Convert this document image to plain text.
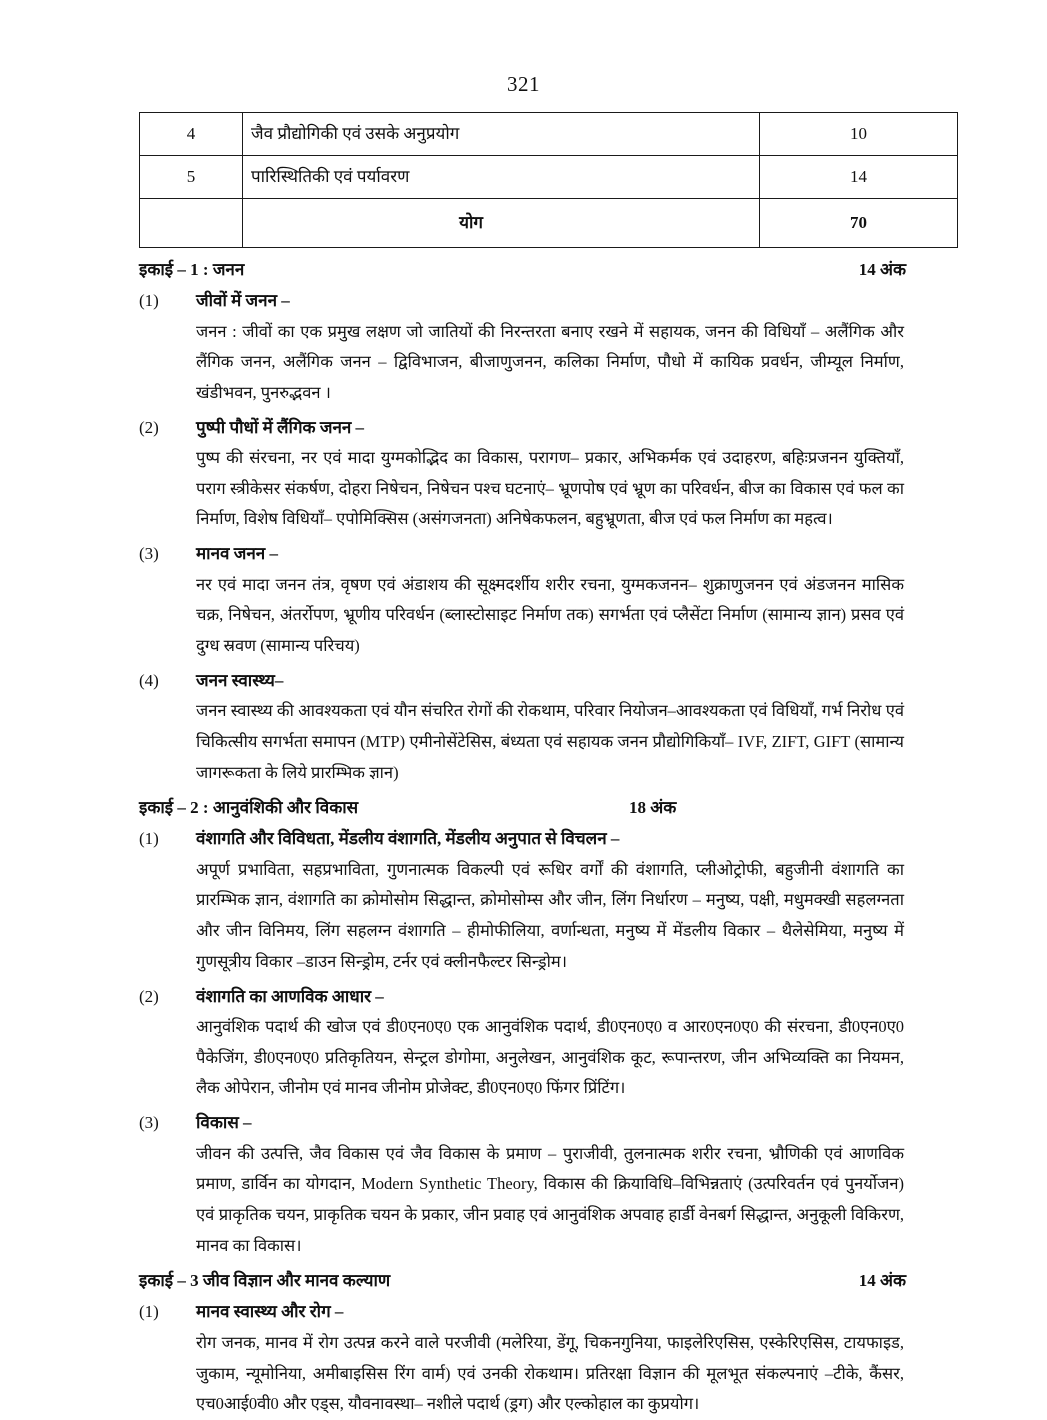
321
4	जैव प्रौद्योगिकी एवं उसके अनुप्रयोग	10
5	पारिस्थितिकी एवं पर्यावरण	14
	योग	70
इकाई – 1 : जनन	14 अंक
(1)	जीवों में जनन –

जनन : जीवों का एक प्रमुख लक्षण जो जातियों की निरन्तरता बनाए रखने में सहायक, जनन की विधियाँ – अलैंगिक और लैंगिक जनन, अलैंगिक जनन – द्विविभाजन, बीजाणुजनन, कलिका निर्माण, पौधो में कायिक प्रवर्धन, जीम्यूल निर्माण, खंडीभवन, पुनरुद्भवन ।

(2)	पुष्पी पौधों में लैंगिक जनन –

पुष्प की संरचना, नर एवं मादा युग्मकोद्भिद का विकास, परागण– प्रकार, अभिकर्मक एवं उदाहरण, बहिःप्रजनन युक्तियाँ, पराग स्त्रीकेसर संकर्षण, दोहरा निषेचन, निषेचन पश्च घटनाएं– भ्रूणपोष एवं भ्रूण का परिवर्धन, बीज का विकास एवं फल का निर्माण, विशेष विधियाँ– एपोमिक्सिस (असंगजनता) अनिषेकफलन, बहुभ्रूणता, बीज एवं फल निर्माण का महत्व।

(3)	मानव जनन –

नर एवं मादा जनन तंत्र, वृषण एवं अंडाशय की सूक्ष्मदर्शीय शरीर रचना, युग्मकजनन– शुक्राणुजनन एवं अंडजनन मासिक चक्र, निषेचन, अंतर्रोपण, भ्रूणीय परिवर्धन (ब्लास्टोसाइट निर्माण तक) सगर्भता एवं प्लैसेंटा निर्माण (सामान्य ज्ञान) प्रसव एवं दुग्ध स्रवण (सामान्य परिचय)

(4)	जनन स्वास्थ्य–

जनन स्वास्थ्य की आवश्यकता एवं यौन संचरित रोगों की रोकथाम, परिवार नियोजन–आवश्यकता एवं विधियाँ, गर्भ निरोध एवं चिकित्सीय सगर्भता समापन (MTP) एमीनोसेंटेसिस, बंध्यता एवं सहायक जनन प्रौद्योगिकियाँ– IVF, ZIFT, GIFT (सामान्य जागरूकता के लिये प्रारम्भिक ज्ञान)

इकाई – 2 : आनुवंशिकी और विकास	18 अंक
(1)	वंशागति और विविधता, मेंडलीय वंशागति, मेंडलीय अनुपात से विचलन –

अपूर्ण प्रभाविता, सहप्रभाविता, गुणनात्मक विकल्पी एवं रूधिर वर्गों की वंशागति, प्लीओट्रोफी, बहुजीनी वंशागति का प्रारम्भिक ज्ञान, वंशागति का क्रोमोसोम सिद्धान्त, क्रोमोसोम्स और जीन, लिंग निर्धारण – मनुष्य, पक्षी, मधुमक्खी सहलग्नता और जीन विनिमय, लिंग सहलग्न वंशागति – हीमोफीलिया, वर्णान्धता, मनुष्य में मेंडलीय विकार – थैलेसेमिया, मनुष्य में गुणसूत्रीय विकार –डाउन सिन्ड्रोम, टर्नर एवं क्लीनफैल्टर सिन्ड्रोम।

(2)	वंशागति का आणविक आधार –

आनुवंशिक पदार्थ की खोज एवं डी0एन0ए0 एक आनुवंशिक पदार्थ, डी0एन0ए0 व आर0एन0ए0 की संरचना, डी0एन0ए0 पैकेजिंग, डी0एन0ए0 प्रतिकृतियन, सेन्ट्रल डोगोमा, अनुलेखन, आनुवंशिक कूट, रूपान्तरण, जीन अभिव्यक्ति का नियमन, लैक ओपेरान, जीनोम एवं मानव जीनोम प्रोजेक्ट, डी0एन0ए0 फिंगर प्रिंटिंग।

(3)	विकास –

जीवन की उत्पत्ति, जैव विकास एवं जैव विकास के प्रमाण – पुराजीवी, तुलनात्मक शरीर रचना, भ्रौणिकी एवं आणविक प्रमाण, डार्विन का योगदान, Modern Synthetic Theory, विकास की क्रियाविधि–विभिन्नताएं (उत्परिवर्तन एवं पुनर्योजन) एवं प्राकृतिक चयन, प्राकृतिक चयन के प्रकार, जीन प्रवाह एवं आनुवंशिक अपवाह हार्डी वेनबर्ग सिद्धान्त, अनुकूली विकिरण, मानव का विकास।

इकाई – 3 जीव विज्ञान और मानव कल्याण	14 अंक
(1)	मानव स्वास्थ्य और रोग –

रोग जनक, मानव में रोग उत्पन्न करने वाले परजीवी (मलेरिया, डेंगू, चिकनगुनिया, फाइलेरिएसिस, एस्केरिएसिस, टायफाइड, जुकाम, न्यूमोनिया, अमीबाइसिस रिंग वार्म) एवं उनकी रोकथाम। प्रतिरक्षा विज्ञान की मूलभूत संकल्पनाएं –टीके, कैंसर, एच0आई0वी0 और एड्स, यौवनावस्था– नशीले पदार्थ (ड्रग) और एल्कोहाल का कुप्रयोग।
